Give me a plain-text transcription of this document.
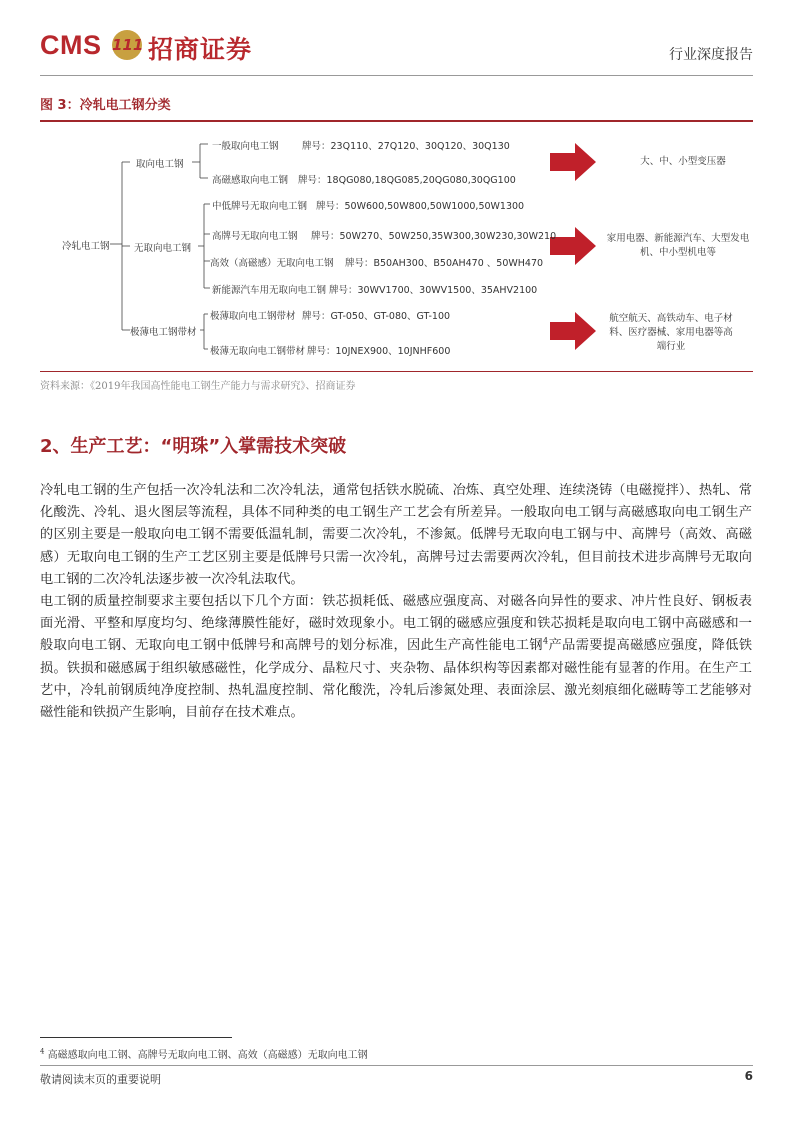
CMS 111 招商证券	行业深度报告
图 3：冷轧电工钢分类
冷轧电工钢
取向电工钢
一般取向电工钢 牌号：23Q110、27Q120、30Q120、30Q130
高磁感取向电工钢 牌号：18QG080,18QG085,20QG080,30QG100
无取向电工钢
中低牌号无取向电工钢 牌号：50W600,50W800,50W1000,50W1300
高牌号无取向电工钢 牌号：50W270、50W250,35W300,30W230,30W210
高效（高磁感）无取向电工钢 牌号：B50AH300、B50AH470 、50WH470
新能源汽车用无取向电工钢 牌号：30WV1700、30WV1500、35AHV2100
极薄电工钢带材
极薄取向电工钢带材 牌号：GT-050、GT-080、GT-100
极薄无取向电工钢带材 牌号：10JNEX900、10JNHF600
大、中、小型变压器
家用电器、新能源汽车、大型发电机、中小型机电等
航空航天、高铁动车、电子材料、医疗器械、家用电器等高端行业
资料来源：《2019年我国高性能电工钢生产能力与需求研究》、招商证券
2、生产工艺：“明珠”入掌需技术突破
冷轧电工钢的生产包括一次冷轧法和二次冷轧法，通常包括铁水脱硫、冶炼、真空处理、连续浇铸（电磁搅拌）、热轧、常化酸洗、冷轧、退火图层等流程，具体不同种类的电工钢生产工艺会有所差异。一般取向电工钢与高磁感取向电工钢生产的区别主要是一般取向电工钢不需要低温轧制，需要二次冷轧，不渗氮。低牌号无取向电工钢与中、高牌号（高效、高磁感）无取向电工钢的生产工艺区别主要是低牌号只需一次冷轧，高牌号过去需要两次冷轧，但目前技术进步高牌号无取向电工钢的二次冷轧法逐步被一次冷轧法取代。
电工钢的质量控制要求主要包括以下几个方面：铁芯损耗低、磁感应强度高、对磁各向异性的要求、冲片性良好、钢板表面光滑、平整和厚度均匀、绝缘薄膜性能好，磁时效现象小。电工钢的磁感应强度和铁芯损耗是取向电工钢中高磁感和一般取向电工钢、无取向电工钢中低牌号和高牌号的划分标准，因此生产高性能电工钢$^4$产品需要提高磁感应强度，降低铁损。铁损和磁感属于组织敏感磁性，化学成分、晶粒尺寸、夹杂物、晶体织构等因素都对磁性能有显著的作用。在生产工艺中，冷轧前钢质纯净度控制、热轧温度控制、常化酸洗，冷轧后渗氮处理、表面涂层、激光刻痕细化磁畴等工艺能够对磁性能和铁损产生影响，目前存在技术难点。
$^4$ 高磁感取向电工钢、高牌号无取向电工钢、高效（高磁感）无取向电工钢
敬请阅读末页的重要说明	6
